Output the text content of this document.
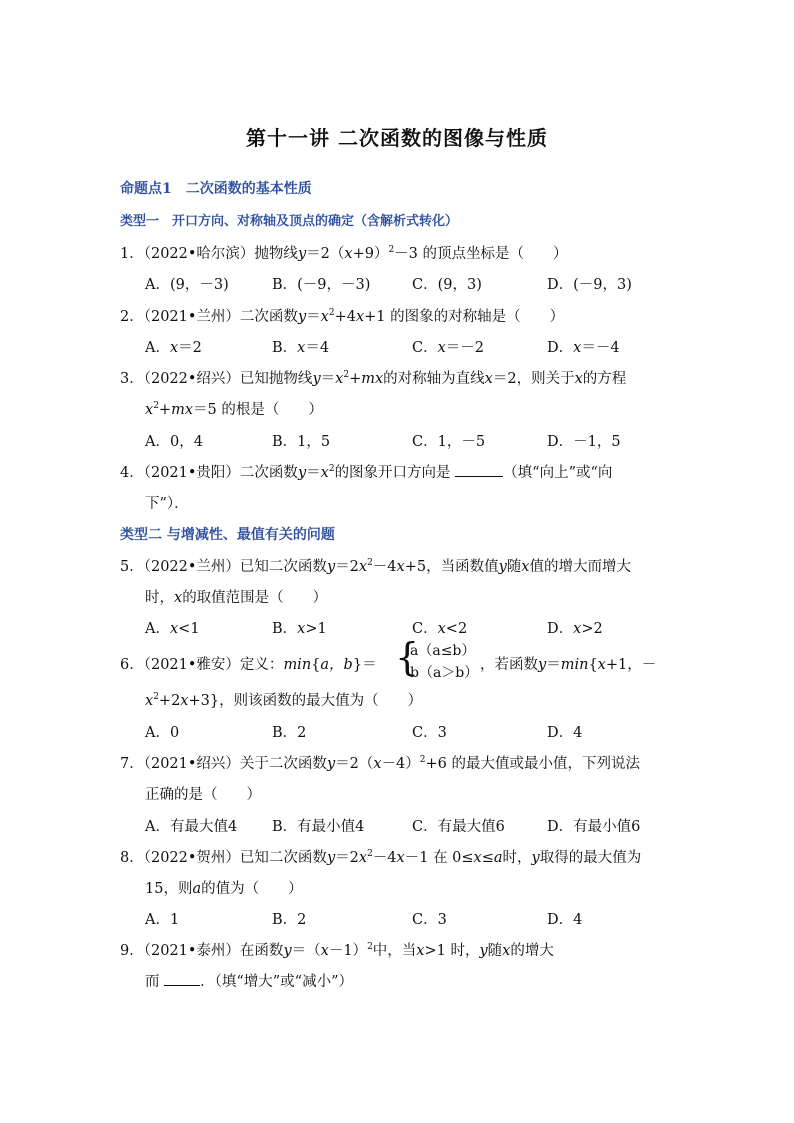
第十一讲 二次函数的图像与性质
命题点1　二次函数的基本性质
类型一　开口方向、对称轴及顶点的确定（含解析式转化）
1．（2022•哈尔滨）抛物线$y=2(x+9)^2-3$ 的顶点坐标是（　　）
A．(9，－3)	B．(－9，－3)	C．(9，3)	D．(－9，3)
2．（2021•兰州）二次函数$y=x^2+4x+1$ 的图象的对称轴是（　　）
A．x＝2	B．x＝4	C．x＝－2	D．x＝－4
3．（2022•绍兴）已知抛物线$y=x^2+mx$的对称轴为直线x＝2，则关于x的方程
$x^2+mx=5$ 的根是（　　）
A．0，4	B．1，5	C．1，－5	D．－1，5
4．（2021•贵阳）二次函数$y=x^2$的图象开口方向是	（填“向上”或“向
下”）．
类型二 与增减性、最值有关的问题
5．（2022•兰州）已知二次函数$y=2x^2-4x+5$，当函数值y随x值的增大而增大
时，x的取值范围是（　　）
A．x<1	B．x>1	C．x<2	D．x>2
6．（2021•雅安）定义：min{a，b}＝ {
a（a≤b）
b（a＞b） ，若函数y＝min{x+1，－
$x^2+2x+3$}，则该函数的最大值为（　　）
A．0	B．2	C．3	D．4
7．（2021•绍兴）关于二次函数$y=2(x-4)^2+6$ 的最大值或最小值，下列说法
正确的是（　　）
A．有最大值4 B．有最小值4	C．有最大值6	D．有最小值6
8．（2022•贺州）已知二次函数$y=2x^2-4x-1$ 在 0≤x≤a时，y取得的最大值为
15，则a的值为（　　）
A．1	B．2	C．3	D．4
9．（2021•泰州）在函数$y=(x-1)^2$中，当x>1 时，y随x的增大
而	．（填“增大”或“减小”）
